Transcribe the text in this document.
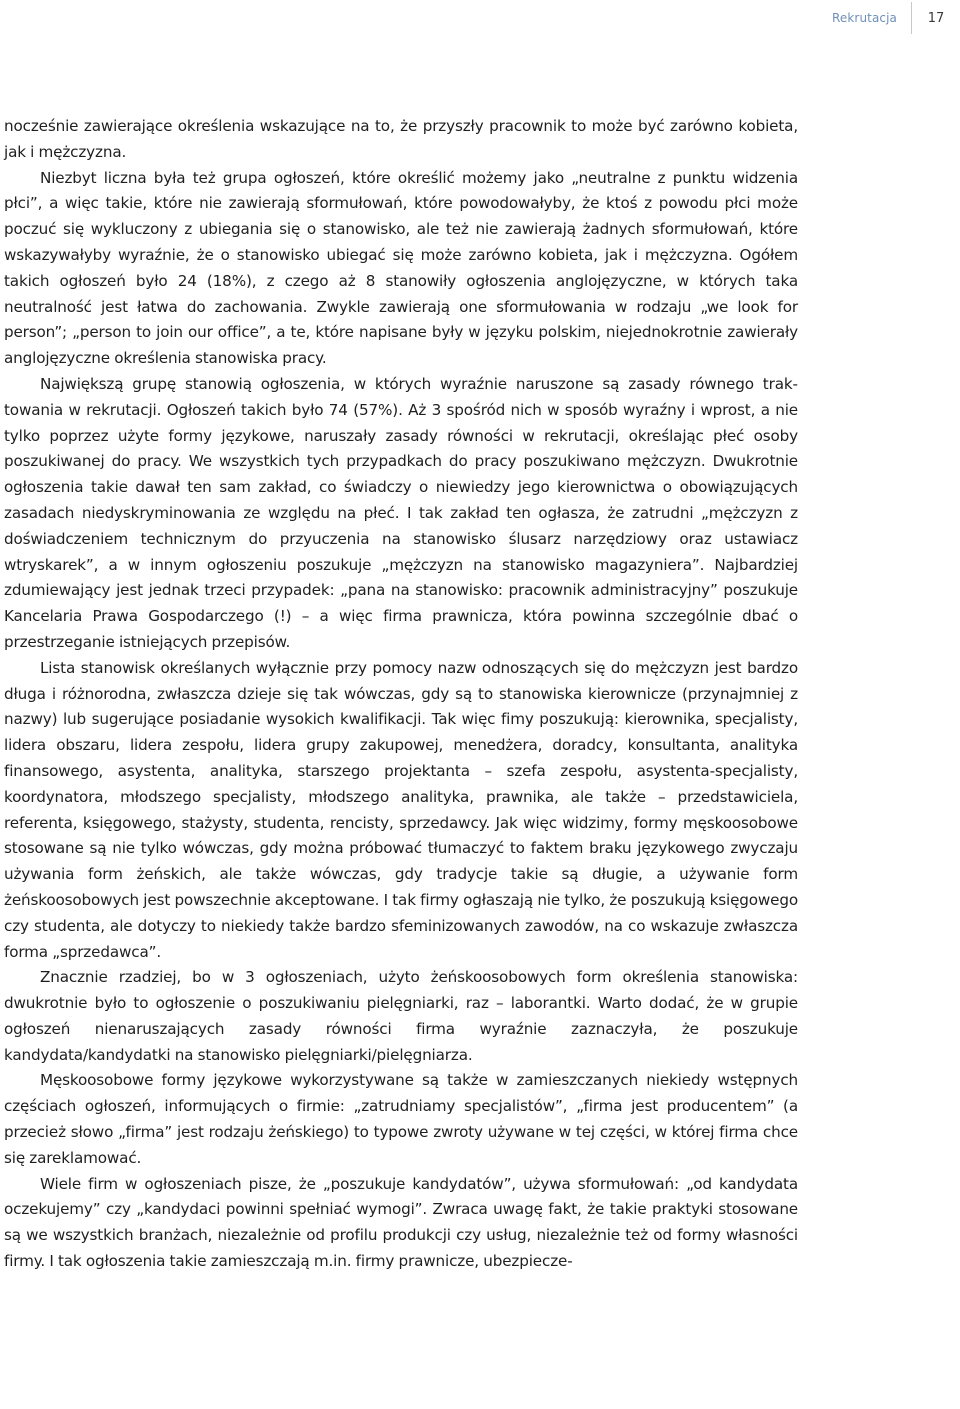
Rekrutacja	17

nocześnie zawierające określenia wskazujące na to, że przyszły pracownik to może być zarówno kobieta, jak i mężczyzna.

Niezbyt liczna była też grupa ogłoszeń, które określić możemy jako „neutralne z punktu widzenia płci”, a więc takie, które nie zawierają sformułowań, które powodowałyby, że ktoś z powodu płci może poczuć się wykluczony z ubiegania się o stanowisko, ale też nie zawierają żadnych sformułowań, które wskazywałyby wyraźnie, że o stanowisko ubiegać się może zarówno kobieta, jak i mężczyzna. Ogółem takich ogłoszeń było 24 (18%), z czego aż 8 stanowiły ogłoszenia anglojęzyczne, w których taka neutralność jest łatwa do zachowania. Zwykle zawierają one sformułowania w rodzaju „we look for person”; „person to join our office”, a te, które napisane były w języku polskim, niejednokrotnie zawierały anglojęzyczne określenia stanowiska pracy.

Największą grupę stanowią ogłoszenia, w których wyraźnie naruszone są zasady równego traktowania w rekrutacji. Ogłoszeń takich było 74 (57%). Aż 3 spośród nich w sposób wyraźny i wprost, a nie tylko poprzez użyte formy językowe, naruszały zasady równości w rekrutacji, określając płeć osoby poszukiwanej do pracy. We wszystkich tych przypadkach do pracy poszukiwano mężczyzn. Dwukrotnie ogłoszenia takie dawał ten sam zakład, co świadczy o niewiedzy jego kierownictwa o obowiązujących zasadach niedyskryminowania ze względu na płeć. I tak zakład ten ogłasza, że zatrudni „mężczyzn z doświadczeniem technicznym do przyuczenia na stanowisko ślusarz narzędziowy oraz ustawiacz wtryskarek”, a w innym ogłoszeniu poszukuje „mężczyzn na stanowisko magazyniera”. Najbardziej zdumiewający jest jednak trzeci przypadek: „pana na stanowisko: pracownik administracyjny” poszukuje Kancelaria Prawa Gospodarczego (!) – a więc firma prawnicza, która powinna szczególnie dbać o przestrzeganie istniejących przepisów.

Lista stanowisk określanych wyłącznie przy pomocy nazw odnoszących się do mężczyzn jest bardzo długa i różnorodna, zwłaszcza dzieje się tak wówczas, gdy są to stanowiska kierownicze (przynajmniej z nazwy) lub sugerujące posiadanie wysokich kwalifikacji. Tak więc fimy poszukują: kierownika, specjalisty, lidera obszaru, lidera zespołu, lidera grupy zakupowej, menedżera, doradcy, konsultanta, analityka finansowego, asystenta, analityka, starszego projektanta – szefa zespołu, asystenta-specjalisty, koordynatora, młodszego specjalisty, młodszego analityka, prawnika, ale także – przedstawiciela, referenta, księgowego, stażysty, studenta, rencisty, sprzedawcy. Jak więc widzimy, formy męskoosobowe stosowane są nie tylko wówczas, gdy można próbować tłumaczyć to faktem braku językowego zwyczaju używania form żeńskich, ale także wówczas, gdy tradycje takie są długie, a używanie form żeńskoosobowych jest powszechnie akceptowane. I tak firmy ogłaszają nie tylko, że poszukują księgowego czy studenta, ale dotyczy to niekiedy także bardzo sfeminizowanych zawodów, na co wskazuje zwłaszcza forma „sprzedawca”.

Znacznie rzadziej, bo w 3 ogłoszeniach, użyto żeńskoosobowych form określenia stanowiska: dwukrotnie było to ogłoszenie o poszukiwaniu pielęgniarki, raz – laborantki. Warto dodać, że w grupie ogłoszeń nienaruszających zasady równości firma wyraźnie zaznaczyła, że poszukuje kandydata/kandydatki na stanowisko pielęgniarki/pielęgniarza.

Męskoosobowe formy językowe wykorzystywane są także w zamieszczanych niekiedy wstępnych częściach ogłoszeń, informujących o firmie: „zatrudniamy specjalistów”, „firma jest producentem” (a przecież słowo „firma” jest rodzaju żeńskiego) to typowe zwroty używane w tej części, w której firma chce się zareklamować.

Wiele firm w ogłoszeniach pisze, że „poszukuje kandydatów”, używa sformułowań: „od kandydata oczekujemy” czy „kandydaci powinni spełniać wymogi”. Zwraca uwagę fakt, że takie praktyki stosowane są we wszystkich branżach, niezależnie od profilu produkcji czy usług, niezależnie też od formy własności firmy. I tak ogłoszenia takie zamieszczają m.in. firmy prawnicze, ubezpiecze-
